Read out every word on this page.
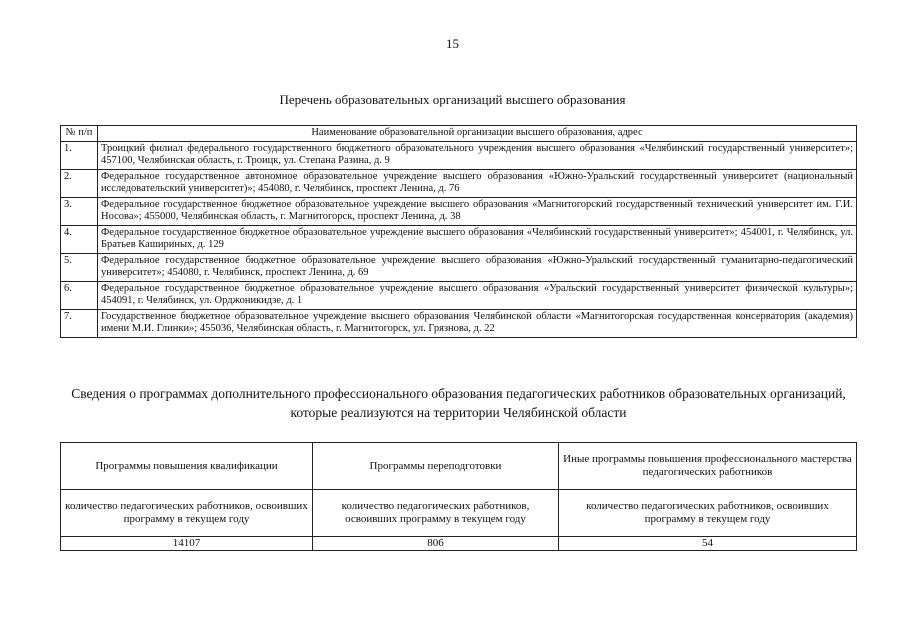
15
Перечень образовательных организаций высшего образования
№ п/п	Наименование образовательной организации высшего образования, адрес
1.	Троицкий филиал федерального государственного бюджетного образовательного учреждения высшего образования «Челябинский государственный университет»; 457100, Челябинская область, г. Троицк, ул. Степана Разина, д. 9
2.	Федеральное государственное автономное образовательное учреждение высшего образования «Южно-Уральский государственный университет (национальный исследовательский университет)»; 454080, г. Челябинск, проспект Ленина, д. 76
3.	Федеральное государственное бюджетное образовательное учреждение высшего образования «Магнитогорский государственный технический университет им. Г.И. Носова»; 455000, Челябинская область, г. Магнитогорск, проспект Ленина, д. 38
4.	Федеральное государственное бюджетное образовательное учреждение высшего образования «Челябинский государственный университет»; 454001, г. Челябинск, ул. Братьев Кашириных, д. 129
5.	Федеральное государственное бюджетное образовательное учреждение высшего образования «Южно-Уральский государственный гуманитарно-педагогический университет»; 454080, г. Челябинск, проспект Ленина, д. 69
6.	Федеральное государственное бюджетное образовательное учреждение высшего образования «Уральский государственный университет физической культуры»; 454091, г. Челябинск, ул. Орджоникидзе, д. 1
7.	Государственное бюджетное образовательное учреждение высшего образования Челябинской области «Магнитогорская государственная консерватория (академия) имени М.И. Глинки»; 455036, Челябинская область, г. Магнитогорск, ул. Грязнова, д. 22
Сведения о программах дополнительного профессионального образования педагогических работников образовательных организаций, которые реализуются на территории Челябинской области
Программы повышения квалификации	Программы переподготовки	Иные программы повышения профессионального мастерства педагогических работников
количество педагогических работников, освоивших программу в текущем году	количество педагогических работников, освоивших программу в текущем году	количество педагогических работников, освоивших программу в текущем году
14107	806	54
